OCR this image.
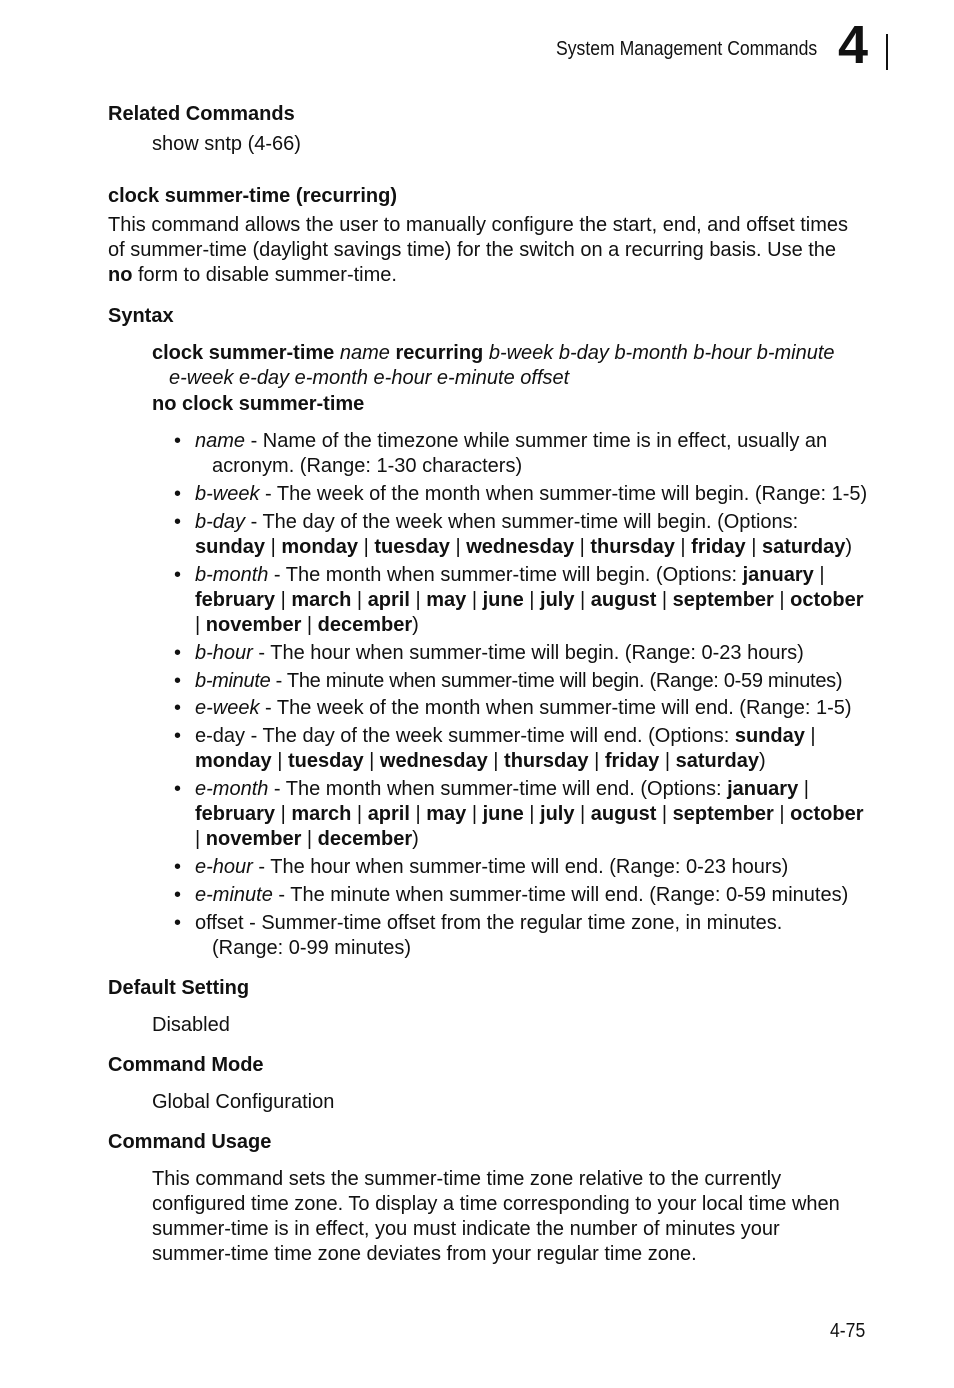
System Management Commands 4
Related Commands
show sntp (4-66)
clock summer-time (recurring)
This command allows the user to manually configure the start, end, and offset times
of summer-time (daylight savings time) for the switch on a recurring basis. Use the
no form to disable summer-time.
Syntax
clock summer-time name recurring b-week b-day b-month b-hour b-minute
e-week e-day e-month e-hour e-minute offset
no clock summer-time
• name - Name of the timezone while summer time is in effect, usually an
acronym. (Range: 1-30 characters)
• b-week - The week of the month when summer-time will begin. (Range: 1-5)
• b-day - The day of the week when summer-time will begin. (Options:
sunday | monday | tuesday | wednesday | thursday | friday | saturday)
• b-month - The month when summer-time will begin. (Options: january |
february | march | april | may | june | july | august | september | october
| november | december)
• b-hour - The hour when summer-time will begin. (Range: 0-23 hours)
• b-minute - The minute when summer-time will begin. (Range: 0-59 minutes)
• e-week - The week of the month when summer-time will end. (Range: 1-5)
• e-day - The day of the week summer-time will end. (Options: sunday |
monday | tuesday | wednesday | thursday | friday | saturday)
• e-month - The month when summer-time will end. (Options: january |
february | march | april | may | june | july | august | september | october
| november | december)
• e-hour - The hour when summer-time will end. (Range: 0-23 hours)
• e-minute - The minute when summer-time will end. (Range: 0-59 minutes)
• offset - Summer-time offset from the regular time zone, in minutes.
(Range: 0-99 minutes)
Default Setting
Disabled
Command Mode
Global Configuration
Command Usage
This command sets the summer-time time zone relative to the currently
configured time zone. To display a time corresponding to your local time when
summer-time is in effect, you must indicate the number of minutes your
summer-time time zone deviates from your regular time zone.
4-75
